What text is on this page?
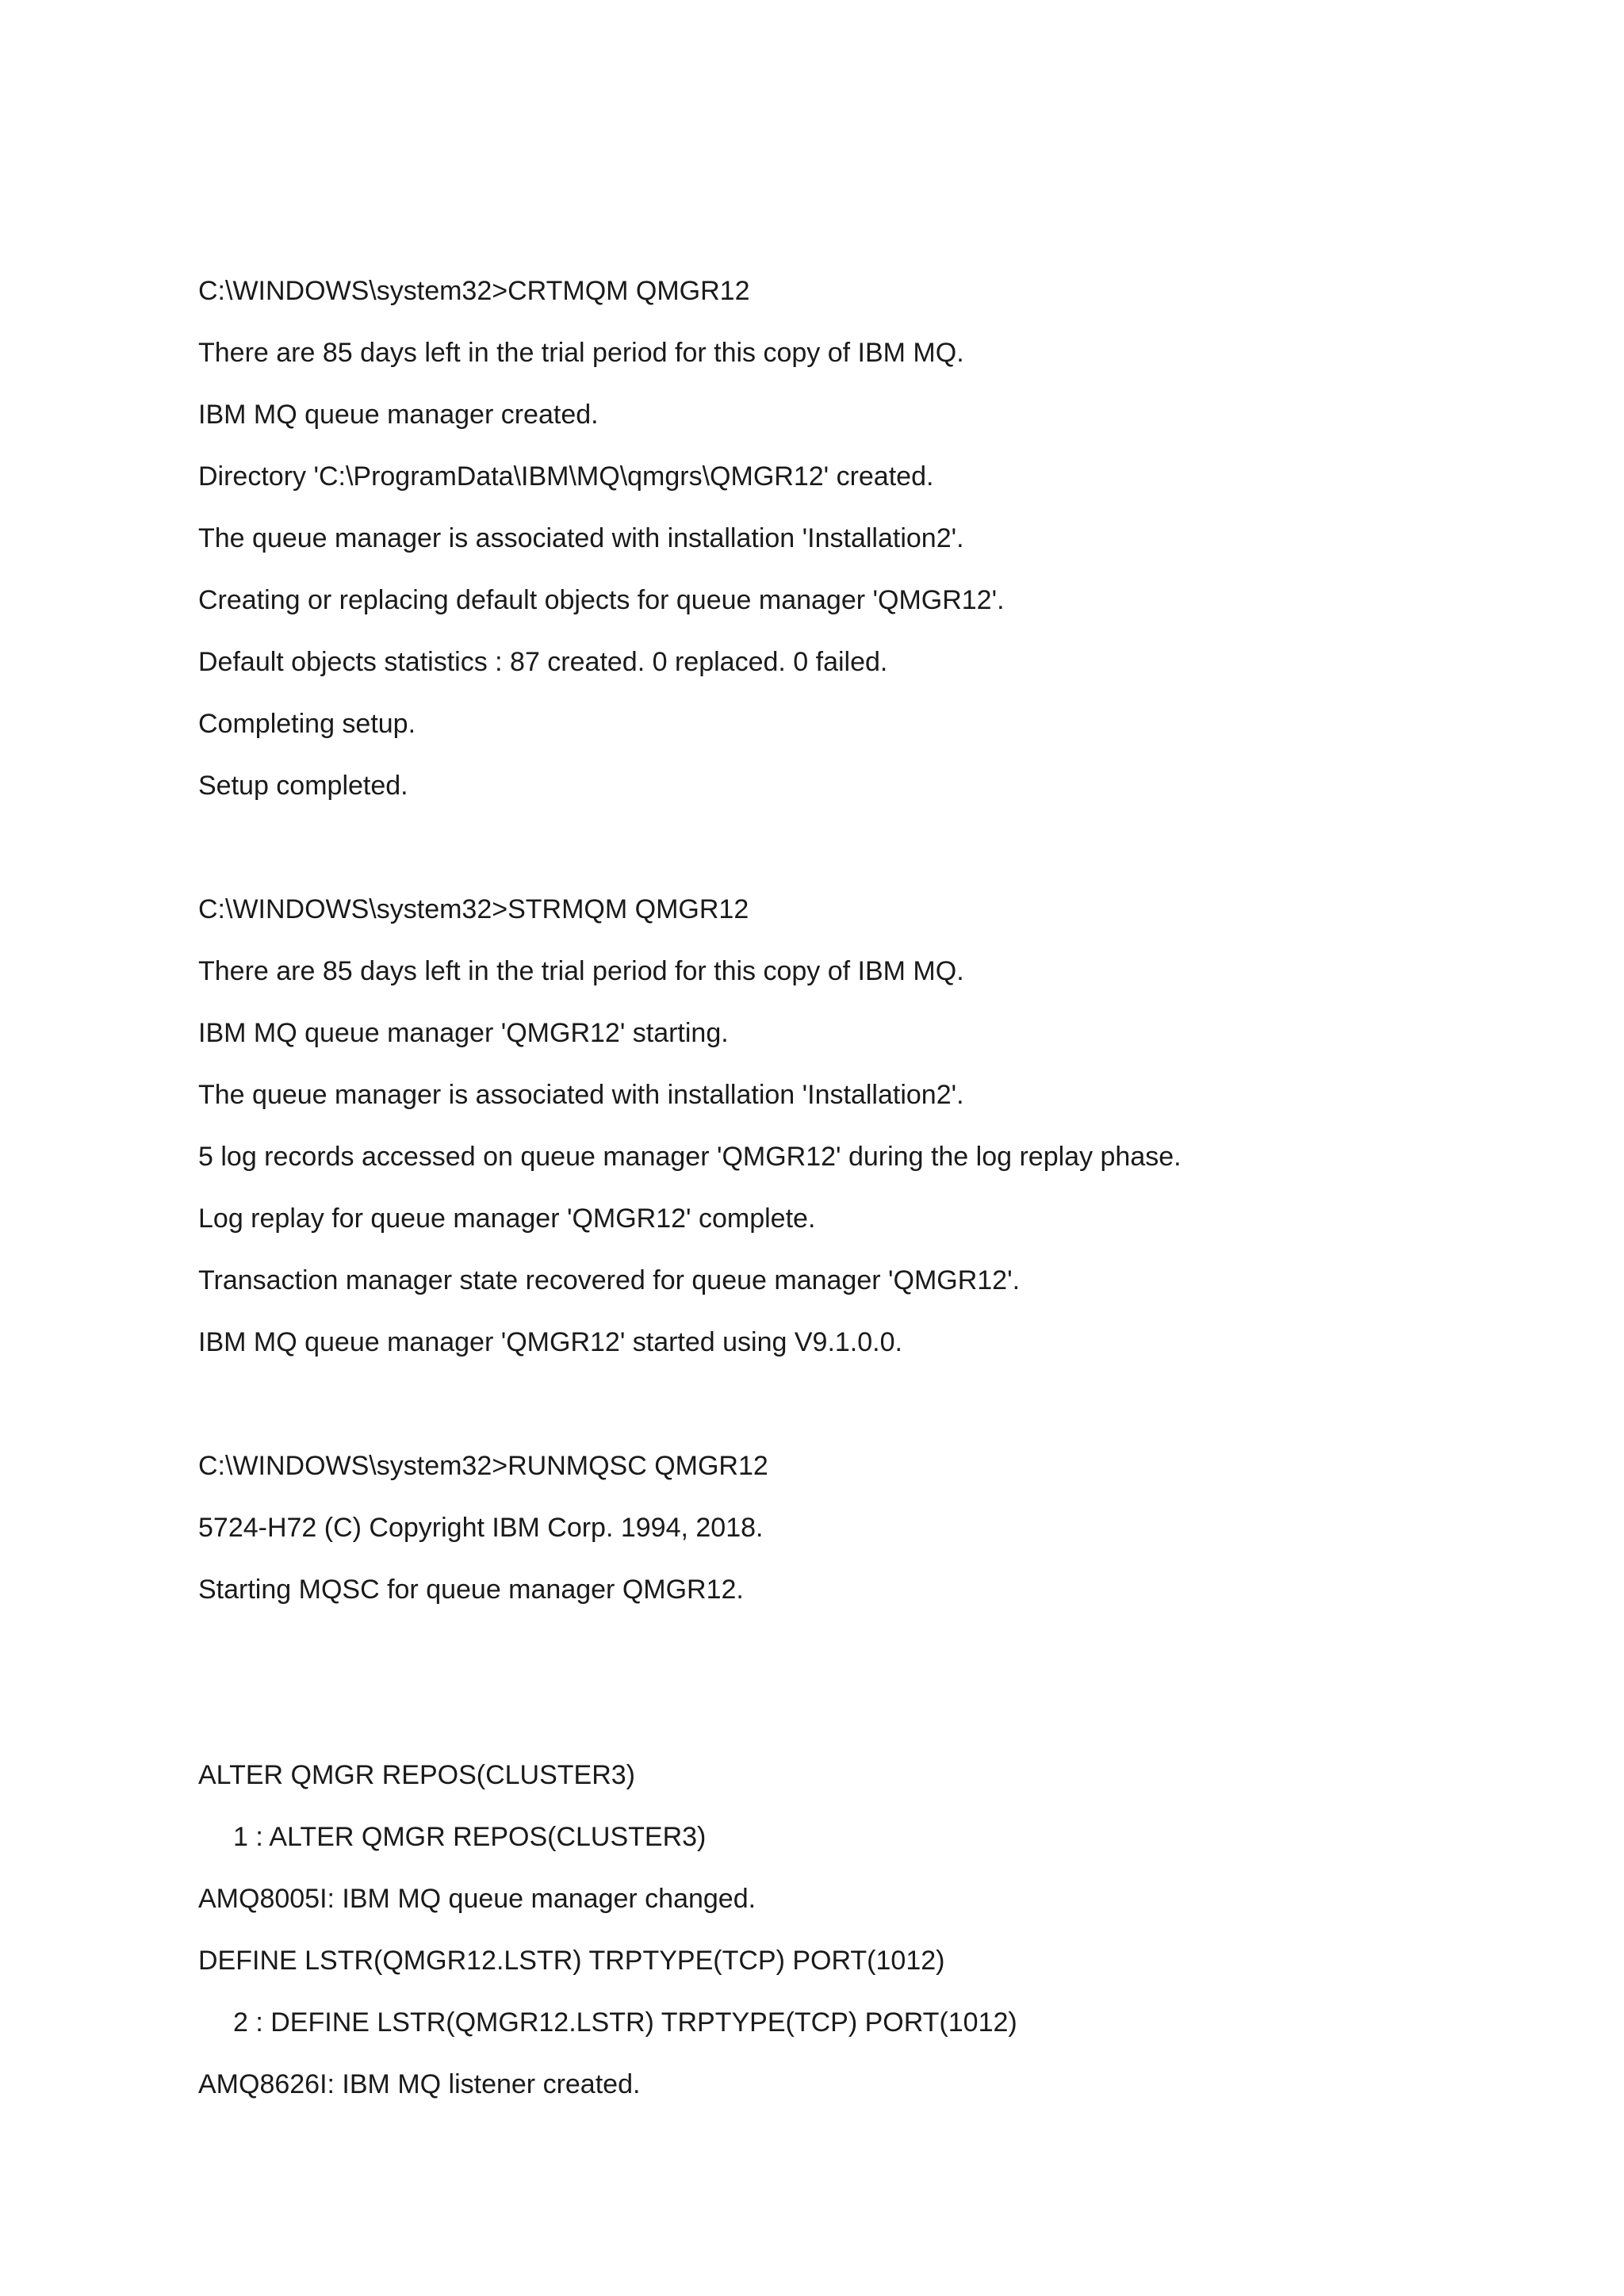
C:\WINDOWS\system32>CRTMQM QMGR12
There are 85 days left in the trial period for this copy of IBM MQ.
IBM MQ queue manager created.
Directory 'C:\ProgramData\IBM\MQ\qmgrs\QMGR12' created.
The queue manager is associated with installation 'Installation2'.
Creating or replacing default objects for queue manager 'QMGR12'.
Default objects statistics : 87 created. 0 replaced. 0 failed.
Completing setup.
Setup completed.
C:\WINDOWS\system32>STRMQM QMGR12
There are 85 days left in the trial period for this copy of IBM MQ.
IBM MQ queue manager 'QMGR12' starting.
The queue manager is associated with installation 'Installation2'.
5 log records accessed on queue manager 'QMGR12' during the log replay phase.
Log replay for queue manager 'QMGR12' complete.
Transaction manager state recovered for queue manager 'QMGR12'.
IBM MQ queue manager 'QMGR12' started using V9.1.0.0.
C:\WINDOWS\system32>RUNMQSC QMGR12
5724-H72 (C) Copyright IBM Corp. 1994, 2018.
Starting MQSC for queue manager QMGR12.
ALTER QMGR REPOS(CLUSTER3)
1 : ALTER QMGR REPOS(CLUSTER3)
AMQ8005I: IBM MQ queue manager changed.
DEFINE LSTR(QMGR12.LSTR) TRPTYPE(TCP) PORT(1012)
2 : DEFINE LSTR(QMGR12.LSTR) TRPTYPE(TCP) PORT(1012)
AMQ8626I: IBM MQ listener created.
